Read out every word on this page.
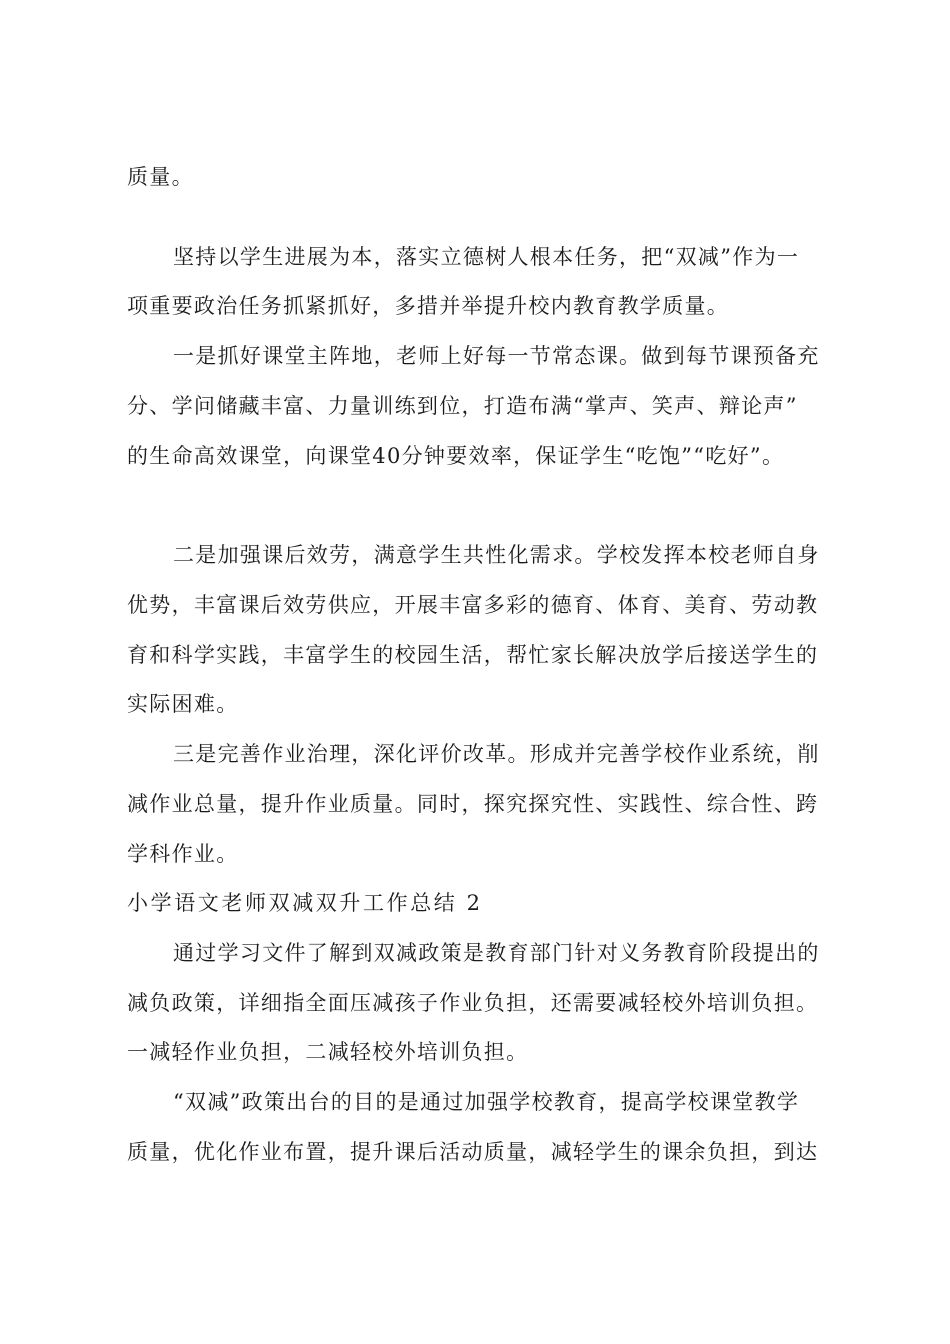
质量。
坚持以学生进展为本，落实立德树人根本任务，把“双减”作为一
项重要政治任务抓紧抓好，多措并举提升校内教育教学质量。
一是抓好课堂主阵地，老师上好每一节常态课。做到每节课预备充
分、学问储藏丰富、力量训练到位，打造布满“掌声、笑声、辩论声”
的生命高效课堂，向课堂40分钟要效率，保证学生“吃饱”“吃好”。
二是加强课后效劳，满意学生共性化需求。学校发挥本校老师自身
优势，丰富课后效劳供应，开展丰富多彩的德育、体育、美育、劳动教
育和科学实践，丰富学生的校园生活，帮忙家长解决放学后接送学生的
实际困难。
三是完善作业治理，深化评价改革。形成并完善学校作业系统，削
减作业总量，提升作业质量。同时，探究探究性、实践性、综合性、跨
学科作业。
小学语文老师双减双升工作总结 2
通过学习文件了解到双减政策是教育部门针对义务教育阶段提出的
减负政策，详细指全面压减孩子作业负担，还需要减轻校外培训负担。
一减轻作业负担，二减轻校外培训负担。
“双减”政策出台的目的是通过加强学校教育，提高学校课堂教学
质量，优化作业布置，提升课后活动质量，减轻学生的课余负担，到达
